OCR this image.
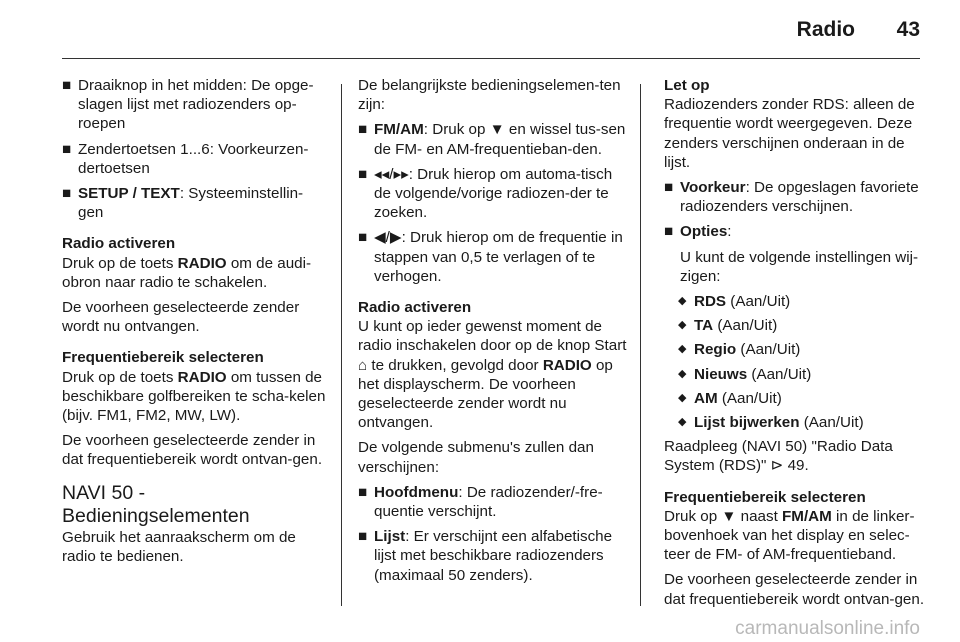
Radio 43
■ Draaiknop in het midden: De opge-slagen lijst met radiozenders op-roepen
■ Zendertoetsen 1...6: Voorkeurzen-dertoetsen
■ SETUP / TEXT: Systeeminstellin-gen
Radio activeren

Druk op de toets RADIO om de audi-obron naar radio te schakelen.

De voorheen geselecteerde zender wordt nu ontvangen.

Frequentiebereik selecteren

Druk op de toets RADIO om tussen de beschikbare golfbereiken te scha-kelen (bijv. FM1, FM2, MW, LW).

De voorheen geselecteerde zender in dat frequentiebereik wordt ontvan-gen.

NAVI 50 - Bedieningselementen

Gebruik het aanraakscherm om de radio te bedienen.

De belangrijkste bedieningselemen-ten zijn:

■ FM/AM: Druk op ▼ en wissel tus-sen de FM- en AM-frequentieban-den.
■ ◂◂/▸▸: Druk hierop om automa-tisch de volgende/vorige radiozen-der te zoeken.
■ ◀/▶: Druk hierop om de frequentie in stappen van 0,5 te verlagen of te verhogen.
Radio activeren

U kunt op ieder gewenst moment de radio inschakelen door op de knop Start ⌂ te drukken, gevolgd door RADIO op het displayscherm. De voorheen geselecteerde zender wordt nu ontvangen.

De volgende submenu's zullen dan verschijnen:

■ Hoofdmenu: De radiozender/-fre-quentie verschijnt.
■ Lijst: Er verschijnt een alfabetische lijst met beschikbare radiozenders (maximaal 50 zenders).
Let op

Radiozenders zonder RDS: alleen de frequentie wordt weergegeven. Deze zenders verschijnen onderaan in de lijst.

■ Voorkeur: De opgeslagen favoriete radiozenders verschijnen.
■ Opties:
U kunt de volgende instellingen wij-zigen:
◆ RDS (Aan/Uit)
◆ TA (Aan/Uit)
◆ Regio (Aan/Uit)
◆ Nieuws (Aan/Uit)
◆ AM (Aan/Uit)
◆ Lijst bijwerken (Aan/Uit)

Raadpleeg (NAVI 50) "Radio Data System (RDS)" ⊳ 49.

Frequentiebereik selecteren

Druk op ▼ naast FM/AM in de linker-bovenhoek van het display en selec-teer de FM- of AM-frequentieband.

De voorheen geselecteerde zender in dat frequentiebereik wordt ontvan-gen.

carmanualsonline.info
